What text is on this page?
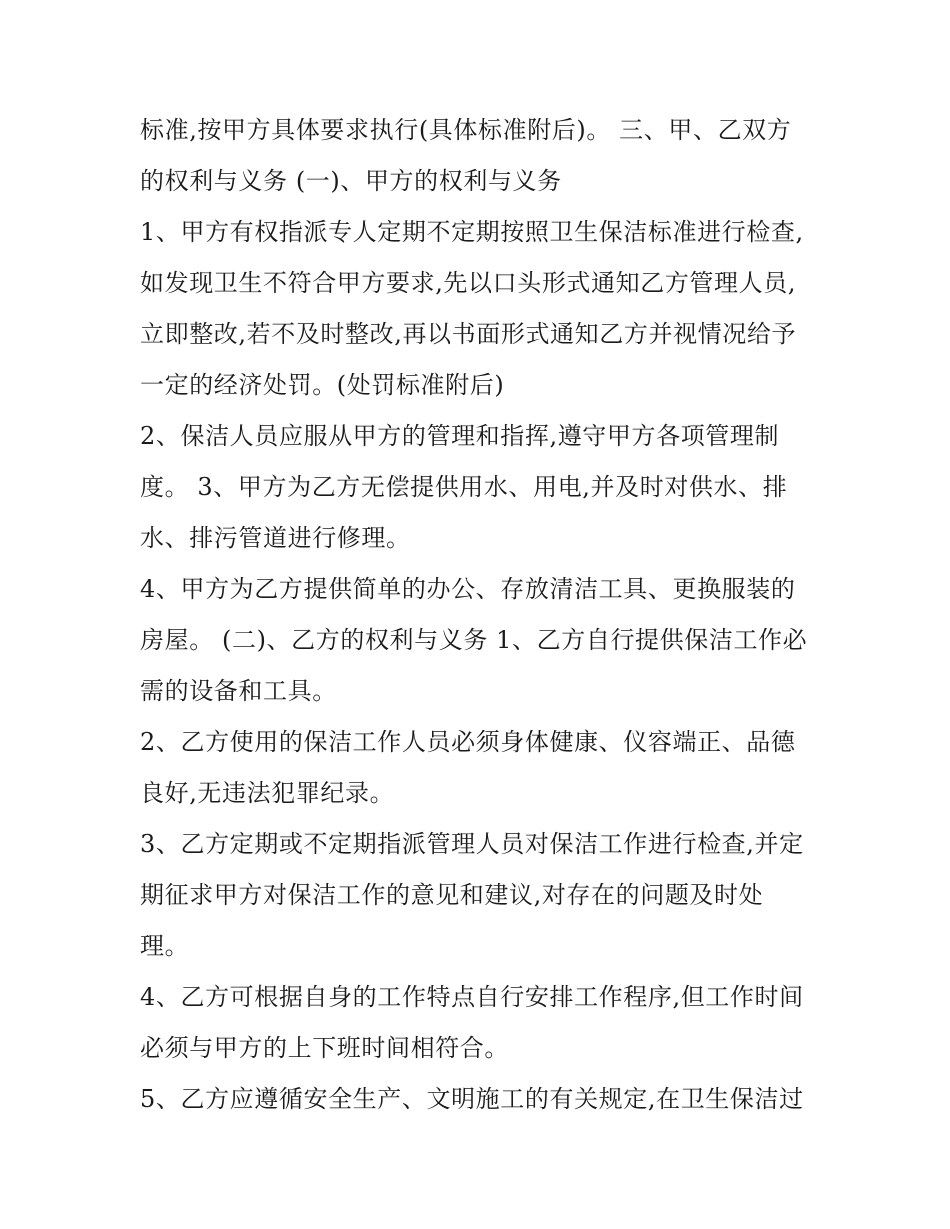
标准,按甲方具体要求执行(具体标准附后)。 三、甲、乙双方
的权利与义务 (一)、甲方的权利与义务
1、甲方有权指派专人定期不定期按照卫生保洁标准进行检查,
如发现卫生不符合甲方要求,先以口头形式通知乙方管理人员,
立即整改,若不及时整改,再以书面形式通知乙方并视情况给予
一定的经济处罚。(处罚标准附后)
2、保洁人员应服从甲方的管理和指挥,遵守甲方各项管理制
度。 3、甲方为乙方无偿提供用水、用电,并及时对供水、排
水、排污管道进行修理。
4、甲方为乙方提供简单的办公、存放清洁工具、更换服装的
房屋。 (二)、乙方的权利与义务 1、乙方自行提供保洁工作必
需的设备和工具。
2、乙方使用的保洁工作人员必须身体健康、仪容端正、品德
良好,无违法犯罪纪录。
3、乙方定期或不定期指派管理人员对保洁工作进行检查,并定
期征求甲方对保洁工作的意见和建议,对存在的问题及时处
理。
4、乙方可根据自身的工作特点自行安排工作程序,但工作时间
必须与甲方的上下班时间相符合。
5、乙方应遵循安全生产、文明施工的有关规定,在卫生保洁过
